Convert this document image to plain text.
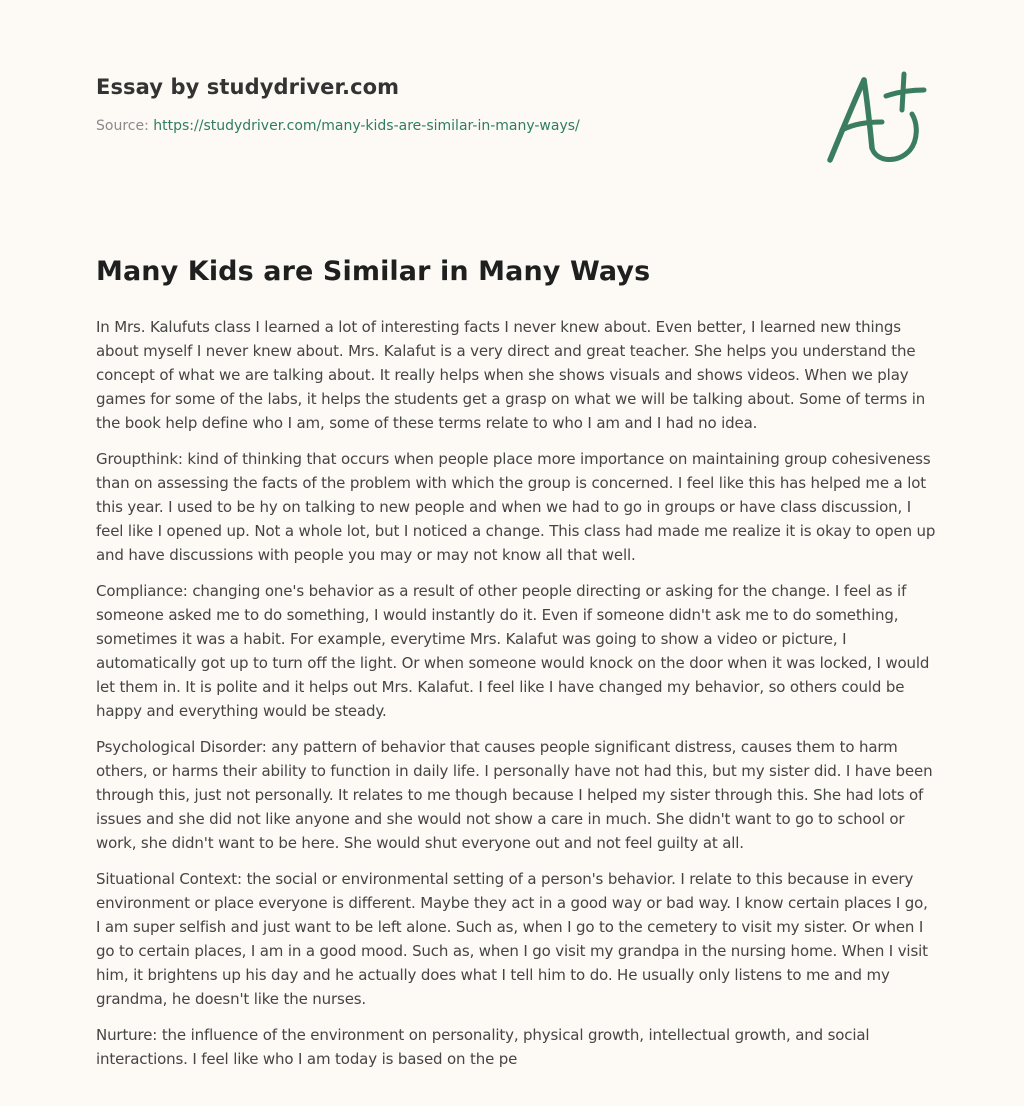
Essay by studydriver.com
Source: https://studydriver.com/many-kids-are-similar-in-many-ways/
Many Kids are Similar in Many Ways

In Mrs. Kalufuts class I learned a lot of interesting facts I never knew about. Even better, I learned new things about myself I never knew about. Mrs. Kalafut is a very direct and great teacher. She helps you understand the concept of what we are talking about. It really helps when she shows visuals and shows videos. When we play games for some of the labs, it helps the students get a grasp on what we will be talking about. Some of terms in the book help define who I am, some of these terms relate to who I am and I had no idea.

Groupthink: kind of thinking that occurs when people place more importance on maintaining group cohesiveness than on assessing the facts of the problem with which the group is concerned. I feel like this has helped me a lot this year. I used to be hy on talking to new people and when we had to go in groups or have class discussion, I feel like I opened up. Not a whole lot, but I noticed a change. This class had made me realize it is okay to open up and have discussions with people you may or may not know all that well.

Compliance: changing one's behavior as a result of other people directing or asking for the change. I feel as if someone asked me to do something, I would instantly do it. Even if someone didn't ask me to do something, sometimes it was a habit. For example, everytime Mrs. Kalafut was going to show a video or picture, I automatically got up to turn off the light. Or when someone would knock on the door when it was locked, I would let them in. It is polite and it helps out Mrs. Kalafut. I feel like I have changed my behavior, so others could be happy and everything would be steady.

Psychological Disorder: any pattern of behavior that causes people significant distress, causes them to harm others, or harms their ability to function in daily life. I personally have not had this, but my sister did. I have been through this, just not personally. It relates to me though because I helped my sister through this. She had lots of issues and she did not like anyone and she would not show a care in much. She didn't want to go to school or work, she didn't want to be here. She would shut everyone out and not feel guilty at all.

Situational Context: the social or environmental setting of a person's behavior. I relate to this because in every environment or place everyone is different. Maybe they act in a good way or bad way. I know certain places I go, I am super selfish and just want to be left alone. Such as, when I go to the cemetery to visit my sister. Or when I go to certain places, I am in a good mood. Such as, when I go visit my grandpa in the nursing home. When I visit him, it brightens up his day and he actually does what I tell him to do. He usually only listens to me and my grandma, he doesn't like the nurses.

Nurture: the influence of the environment on personality, physical growth, intellectual growth, and social interactions. I feel like who I am today is based on the pe
